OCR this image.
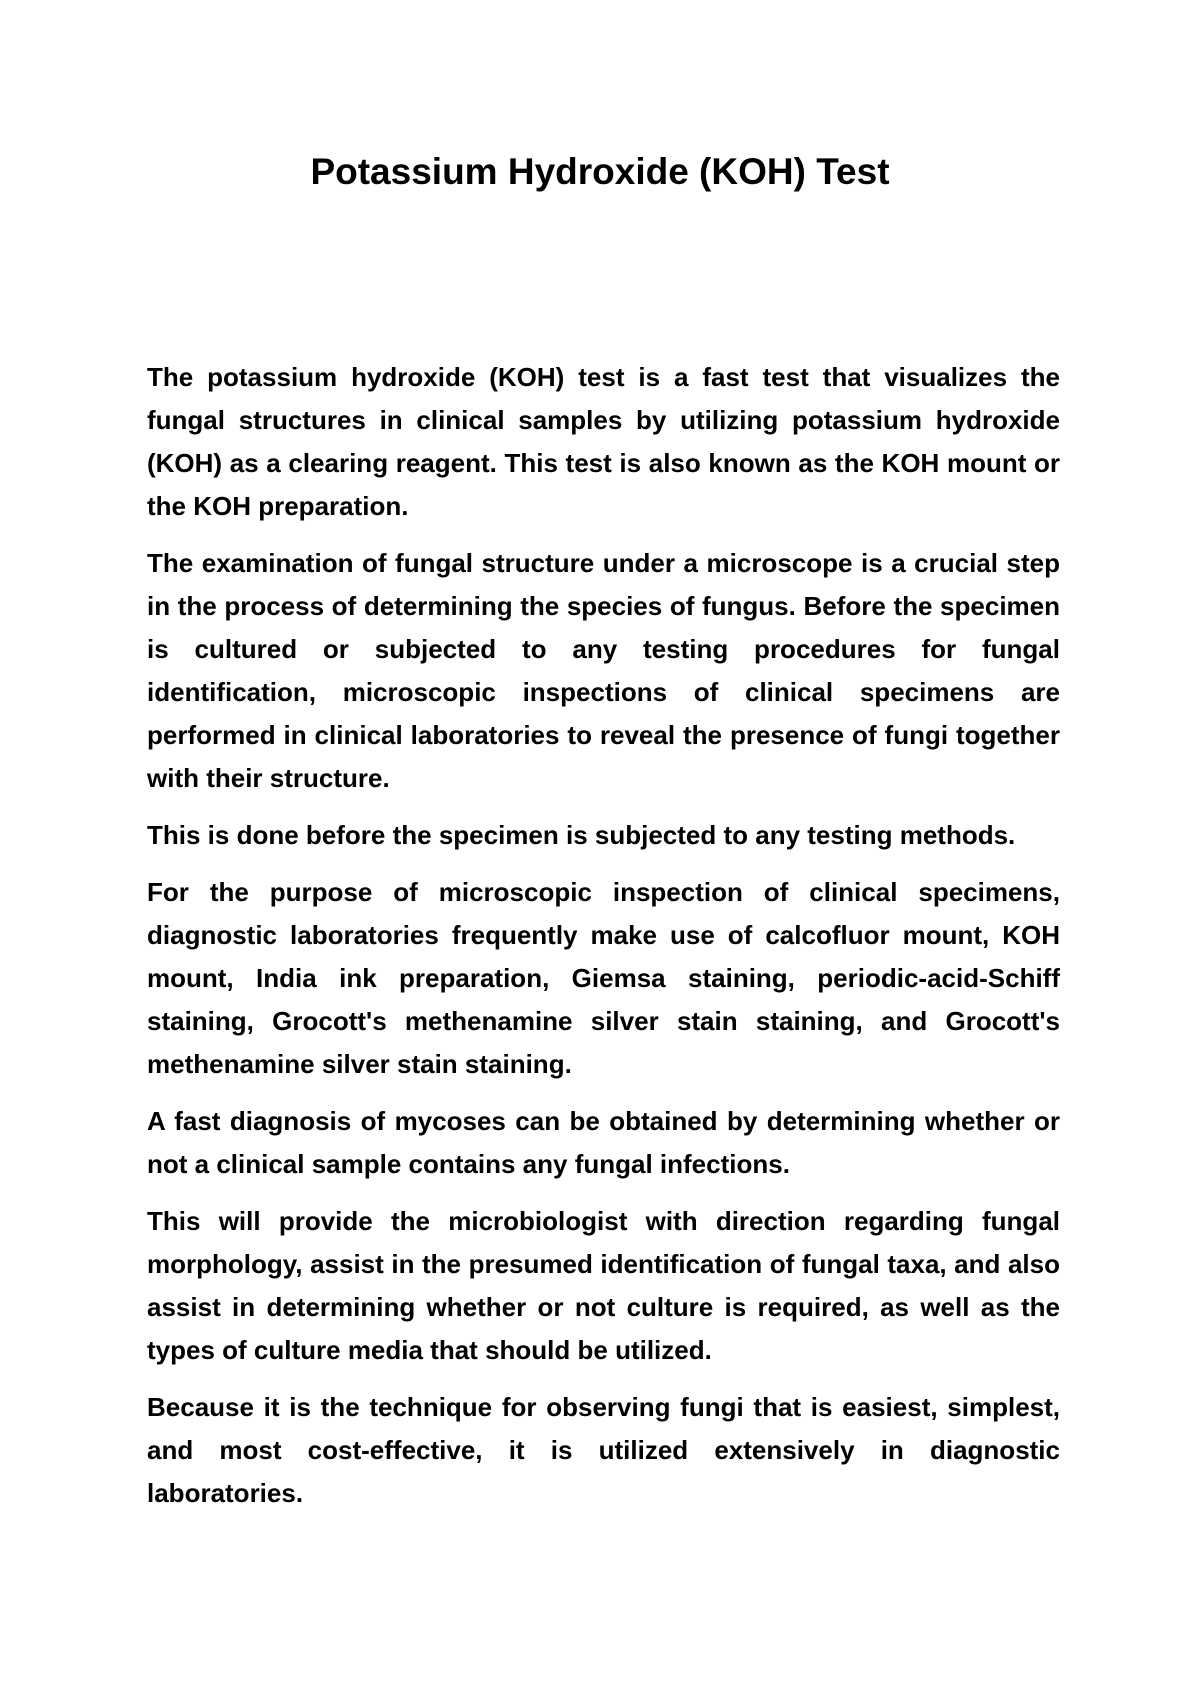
Potassium Hydroxide (KOH) Test

The potassium hydroxide (KOH) test is a fast test that visualizes the fungal structures in clinical samples by utilizing potassium hydroxide (KOH) as a clearing reagent. This test is also known as the KOH mount or the KOH preparation.

The examination of fungal structure under a microscope is a crucial step in the process of determining the species of fungus. Before the specimen is cultured or subjected to any testing procedures for fungal identification, microscopic inspections of clinical specimens are performed in clinical laboratories to reveal the presence of fungi together with their structure.

This is done before the specimen is subjected to any testing methods.

For the purpose of microscopic inspection of clinical specimens, diagnostic laboratories frequently make use of calcofluor mount, KOH mount, India ink preparation, Giemsa staining, periodic-acid-Schiff staining, Grocott's methenamine silver stain staining, and Grocott's methenamine silver stain staining.

A fast diagnosis of mycoses can be obtained by determining whether or not a clinical sample contains any fungal infections.

This will provide the microbiologist with direction regarding fungal morphology, assist in the presumed identification of fungal taxa, and also assist in determining whether or not culture is required, as well as the types of culture media that should be utilized.

Because it is the technique for observing fungi that is easiest, simplest, and most cost-effective, it is utilized extensively in diagnostic laboratories.
